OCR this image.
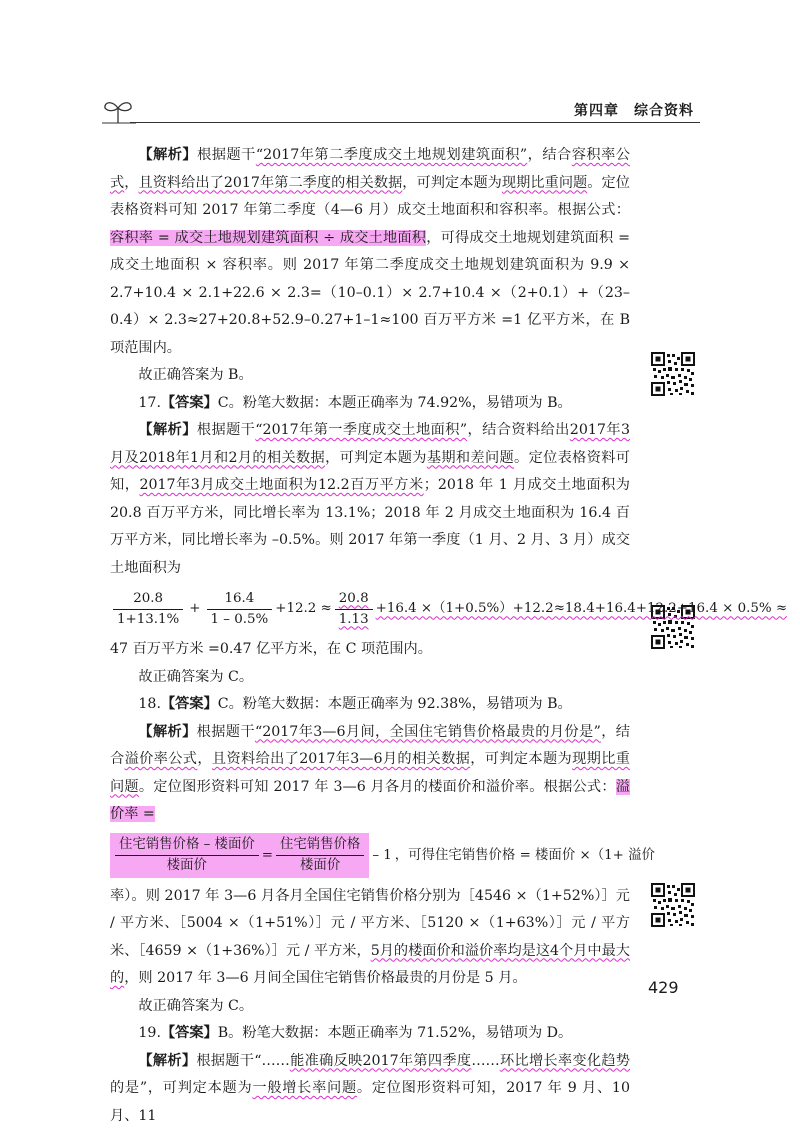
第四章　综合资料

【解析】根据题干“2017年第二季度成交土地规划建筑面积”，结合容积率公式，且资料给出了2017年第二季度的相关数据，可判定本题为现期比重问题。定位表格资料可知 2017 年第二季度（4—6 月）成交土地面积和容积率。根据公式：容积率 = 成交土地规划建筑面积 ÷ 成交土地面积，可得成交土地规划建筑面积 = 成交土地面积 × 容积率。则 2017 年第二季度成交土地规划建筑面积为 9.9 × 2.7+10.4 × 2.1+22.6 × 2.3=（10–0.1）× 2.7+10.4 ×（2+0.1）+（23–0.4）× 2.3≈27+20.8+52.9–0.27+1–1≈100 百万平方米 =1 亿平方米，在 B 项范围内。

故正确答案为 B。

17.【答案】C。粉笔大数据：本题正确率为 74.92%，易错项为 B。

【解析】根据题干“2017年第一季度成交土地面积”，结合资料给出2017年3月及2018年1月和2月的相关数据，可判定本题为基期和差问题。定位表格资料可知，2017年3月成交土地面积为12.2百万平方米；2018 年 1 月成交土地面积为 20.8 百万平方米，同比增长率为 13.1%；2018 年 2 月成交土地面积为 16.4 百万平方米，同比增长率为 –0.5%。则 2017 年第一季度（1 月、2 月、3 月）成交土地面积为

$\frac{20.8}{1+13.1\%} + \frac{16.4}{1 - 0.5\%} +12.2 \approx \frac{20.8}{1.13} +16.4 \times(1+0.5\%)+12.2\approx 18.4+16.4+12.2+16.4 \times 0.5\%$ ≈

47 百万平方米 =0.47 亿平方米，在 C 项范围内。

故正确答案为 C。

18.【答案】C。粉笔大数据：本题正确率为 92.38%，易错项为 B。

【解析】根据题干“2017年3—6月间，全国住宅销售价格最贵的月份是”，结合溢价率公式，且资料给出了2017年3—6月的相关数据，可判定本题为现期比重问题。定位图形资料可知 2017 年 3—6 月各月的楼面价和溢价率。根据公式：溢价率 =

$\frac{\text{住宅销售价格 – 楼面价}}{\text{楼面价}} = \frac{\text{住宅销售价格}}{\text{楼面价}} - 1$ ，可得住宅销售价格 = 楼面价 ×（1+ 溢价

率）。则 2017 年 3—6 月各月全国住宅销售价格分别为［4546 ×（1+52%）］元 / 平方米、［5004 ×（1+51%）］元 / 平方米、［5120 ×（1+63%）］元 / 平方米、［4659 ×（1+36%）］元 / 平方米，5月的楼面价和溢价率均是这4个月中最大的，则 2017 年 3—6 月间全国住宅销售价格最贵的月份是 5 月。

故正确答案为 C。

19.【答案】B。粉笔大数据：本题正确率为 71.52%，易错项为 D。

【解析】根据题干“……能准确反映2017年第四季度……环比增长率变化趋势的是”，可判定本题为一般增长率问题。定位图形资料可知，2017 年 9 月、10 月、11

429
